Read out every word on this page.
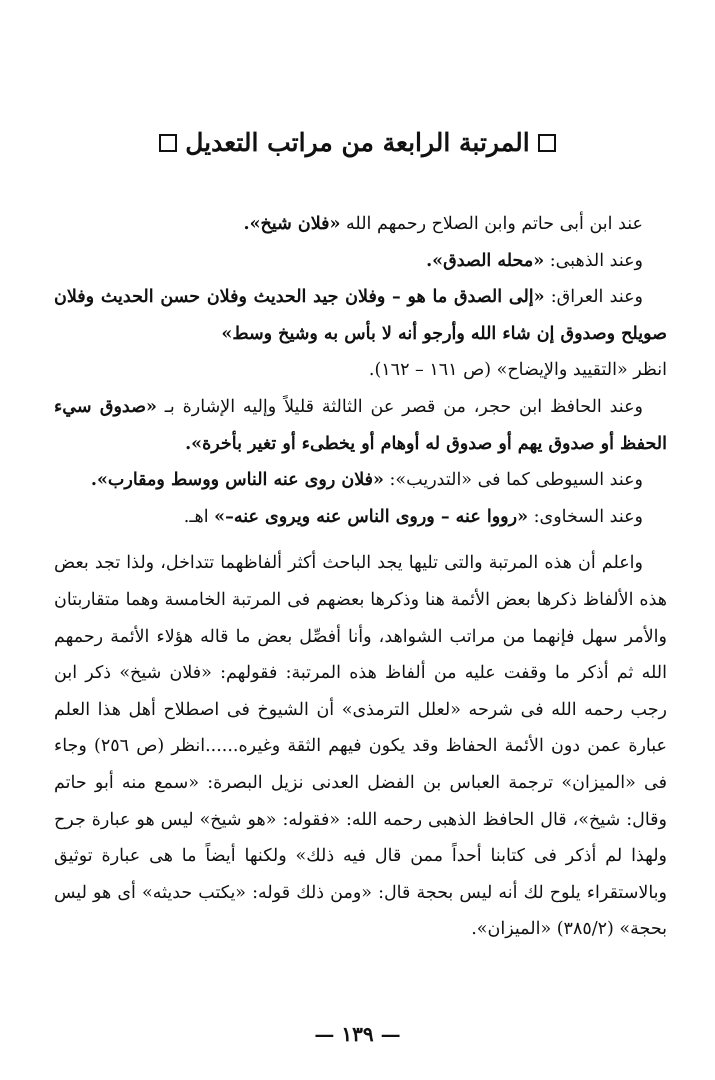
المرتبة الرابعة من مراتب التعديل

عند ابن أبى حاتم وابن الصلاح رحمهم الله «فلان شيخ».

وعند الذهبى: «محله الصدق».

وعند العراق: «إلى الصدق ما هو – وفلان جيد الحديث وفلان حسن الحديث وفلان صويلح وصدوق إن شاء الله وأرجو أنه لا بأس به وشيخ وسط»

انظر «التقييد والإيضاح» (ص ١٦١ – ١٦٢).

وعند الحافظ ابن حجر، من قصر عن الثالثة قليلاً وإليه الإشارة بـ «صدوق سيء الحفظ أو صدوق يهم أو صدوق له أوهام أو يخطىء أو تغير بأخرة».

وعند السيوطى كما فى «التدريب»: «فلان روى عنه الناس ووسط ومقارب».

وعند السخاوى: «رووا عنه – وروى الناس عنه ويروى عنه–» اهـ.

واعلم أن هذه المرتبة والتى تليها يجد الباحث أكثر ألفاظهما تتداخل، ولذا تجد بعض هذه الألفاظ ذكرها بعض الأئمة هنا وذكرها بعضهم فى المرتبة الخامسة وهما متقاربتان والأمر سهل فإنهما من مراتب الشواهد، وأنا أفصِّل بعض ما قاله هؤلاء الأئمة رحمهم الله ثم أذكر ما وقفت عليه من ألفاظ هذه المرتبة: فقولهم: «فلان شيخ» ذكر ابن رجب رحمه الله فى شرحه «لعلل الترمذى» أن الشيوخ فى اصطلاح أهل هذا العلم عبارة عمن دون الأئمة الحفاظ وقد يكون فيهم الثقة وغيره......انظر (ص ٢٥٦) وجاء فى «الميزان» ترجمة العباس بن الفضل العدنى نزيل البصرة: «سمع منه أبو حاتم وقال: شيخ»، قال الحافظ الذهبى رحمه الله: «فقوله: «هو شيخ» ليس هو عبارة جرح ولهذا لم أذكر فى كتابنا أحداً ممن قال فيه ذلك» ولكنها أيضاً ما هى عبارة توثيق وبالاستقراء يلوح لك أنه ليس بحجة قال: «ومن ذلك قوله: «يكتب حديثه» أى هو ليس بحجة» (٣٨٥/٢) «الميزان».

— ١٣٩ —
